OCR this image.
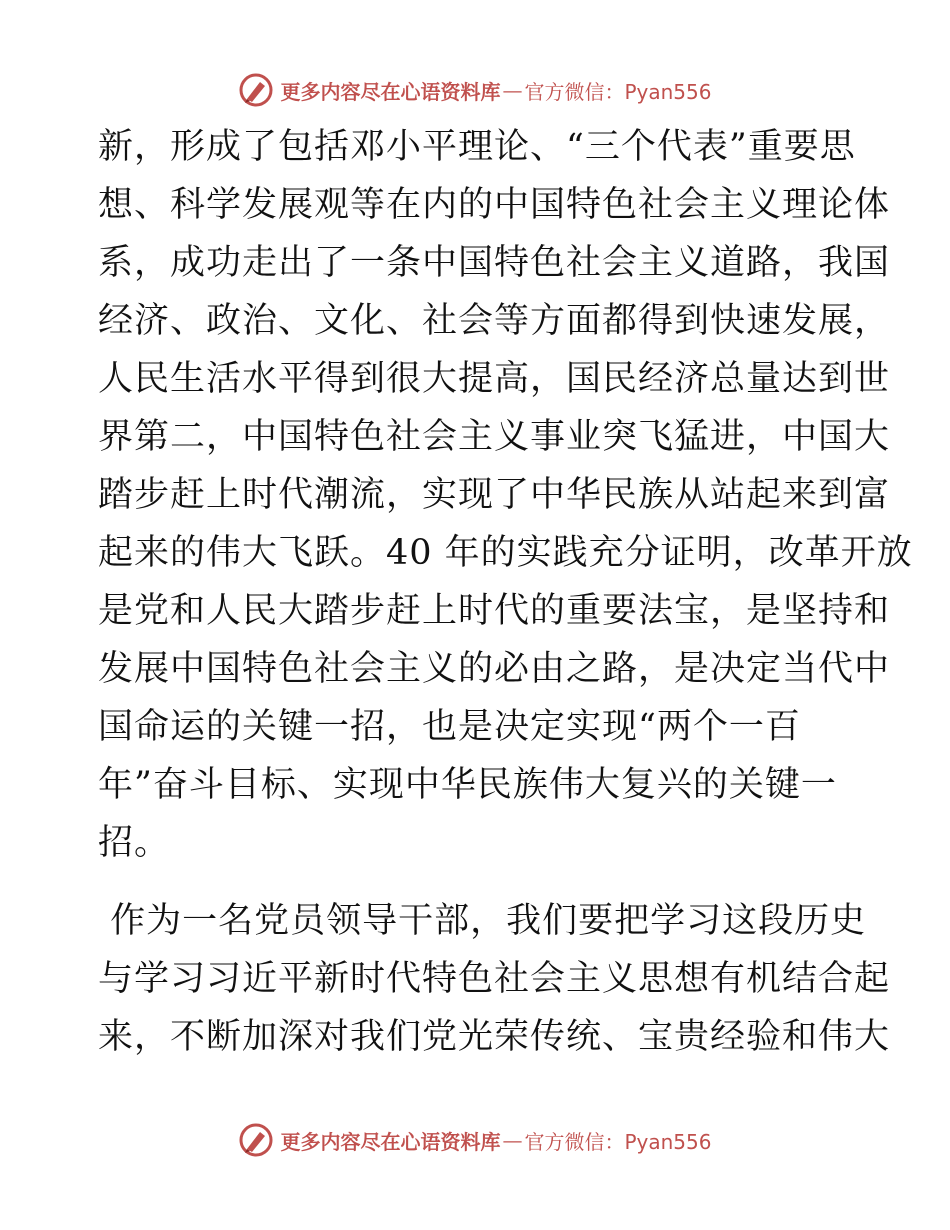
更多内容尽在心语资料库 — 官方微信：Pyan556
新，形成了包括邓小平理论、“三个代表”重要思
想、科学发展观等在内的中国特色社会主义理论体
系，成功走出了一条中国特色社会主义道路，我国
经济、政治、文化、社会等方面都得到快速发展，
人民生活水平得到很大提高，国民经济总量达到世
界第二，中国特色社会主义事业突飞猛进，中国大
踏步赶上时代潮流，实现了中华民族从站起来到富
起来的伟大飞跃。40 年的实践充分证明，改革开放
是党和人民大踏步赶上时代的重要法宝，是坚持和
发展中国特色社会主义的必由之路，是决定当代中
国命运的关键一招，也是决定实现“两个一百
年”奋斗目标、实现中华民族伟大复兴的关键一
招。
作为一名党员领导干部，我们要把学习这段历史
与学习习近平新时代特色社会主义思想有机结合起
来，不断加深对我们党光荣传统、宝贵经验和伟大
更多内容尽在心语资料库 — 官方微信：Pyan556
